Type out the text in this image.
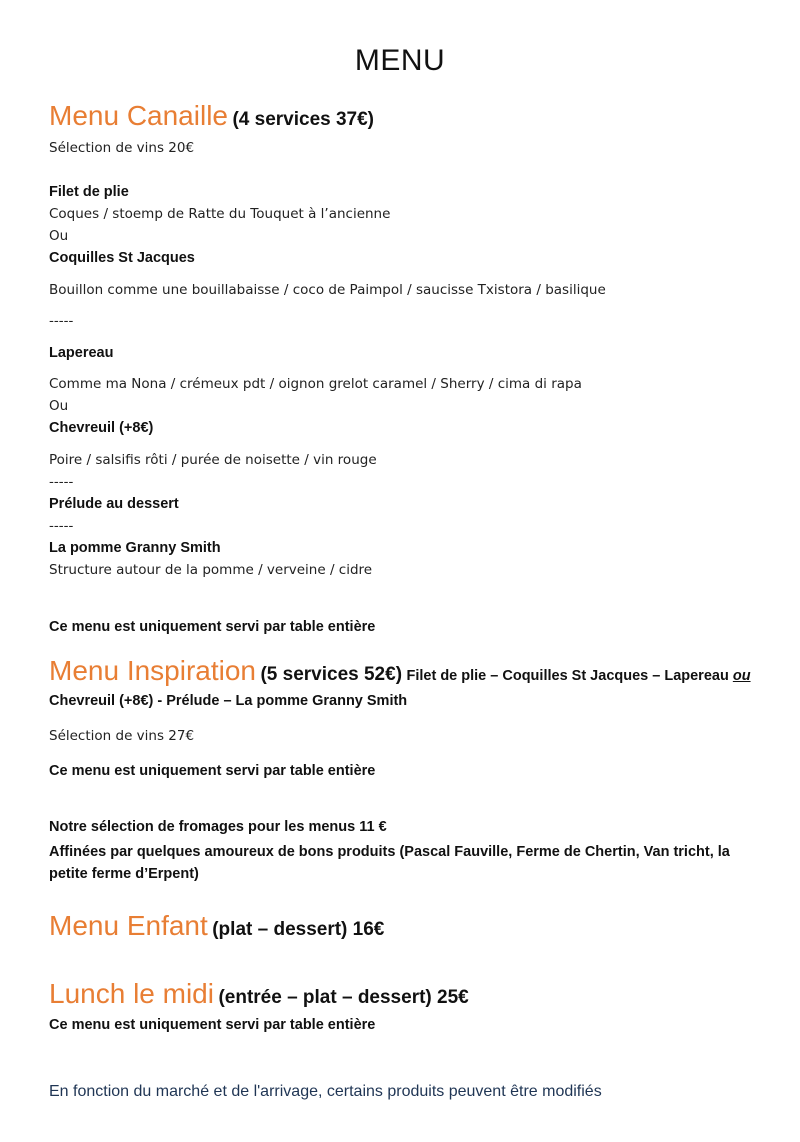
MENU
Menu Canaille (4 services 37€)
Sélection de vins 20€
Filet de plie
Coques / stoemp de Ratte du Touquet à l’ancienne
Ou
Coquilles St Jacques
Bouillon comme une bouillabaisse / coco de Paimpol / saucisse Txistora / basilique
-----
Lapereau
Comme ma Nona / crémeux pdt / oignon grelot caramel / Sherry / cima di rapa
Ou
Chevreuil (+8€)
Poire / salsifis rôti / purée de noisette / vin rouge
-----
Prélude au dessert
-----
La pomme Granny Smith
Structure autour de la pomme / verveine / cidre
Ce menu est uniquement servi par table entière
Menu Inspiration (5 services 52€) Filet de plie – Coquilles St Jacques – Lapereau ou
Chevreuil (+8€) - Prélude – La pomme Granny Smith
Sélection de vins 27€
Ce menu est uniquement servi par table entière
Notre sélection de fromages pour les menus 11 €
Affinées par quelques amoureux de bons produits (Pascal Fauville, Ferme de Chertin, Van tricht, la petite ferme d’Erpent)
Menu Enfant (plat – dessert) 16€
Lunch le midi (entrée – plat – dessert) 25€
Ce menu est uniquement servi par table entière
En fonction du marché et de l'arrivage, certains produits peuvent être modifiés
